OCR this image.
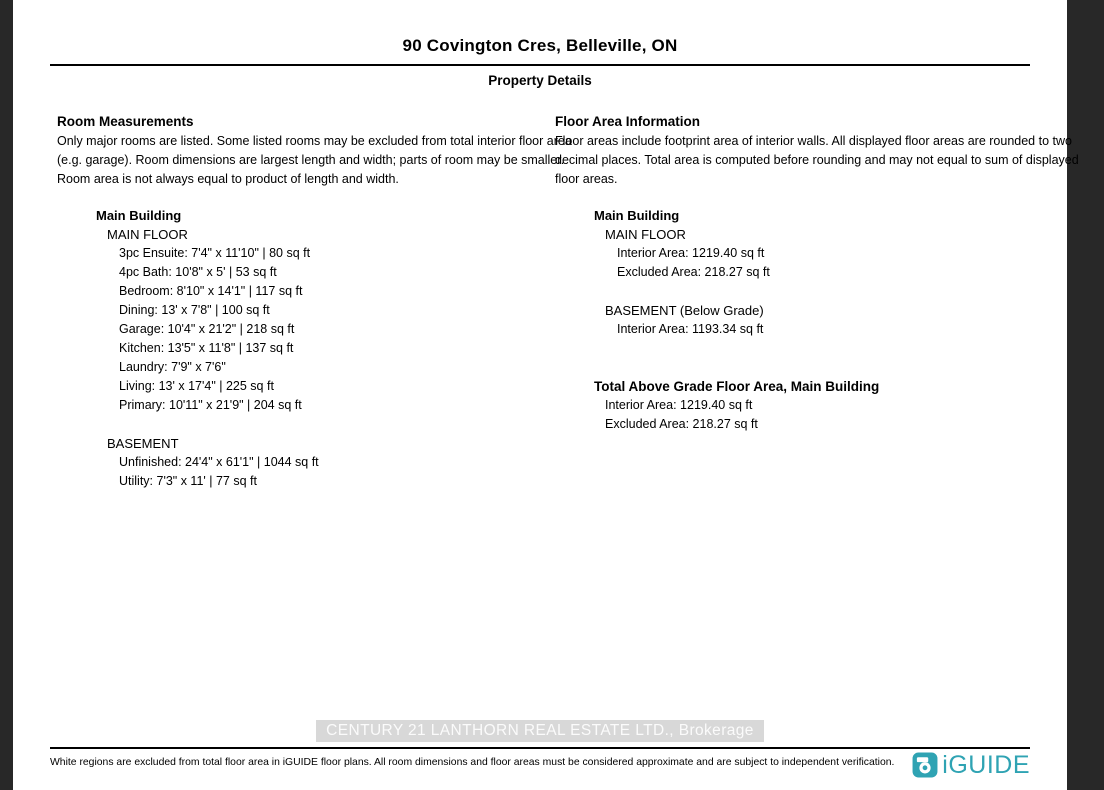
90 Covington Cres, Belleville, ON
Property Details
Room Measurements
Only major rooms are listed. Some listed rooms may be excluded from total interior floor area
(e.g. garage). Room dimensions are largest length and width; parts of room may be smaller.
Room area is not always equal to product of length and width.
Main Building
MAIN FLOOR
3pc Ensuite: 7'4" x 11'10" | 80 sq ft
4pc Bath: 10'8" x 5' | 53 sq ft
Bedroom: 8'10" x 14'1" | 117 sq ft
Dining: 13' x 7'8" | 100 sq ft
Garage: 10'4" x 21'2" | 218 sq ft
Kitchen: 13'5" x 11'8" | 137 sq ft
Laundry: 7'9" x 7'6"
Living: 13' x 17'4" | 225 sq ft
Primary: 10'11" x 21'9" | 204 sq ft
BASEMENT
Unfinished: 24'4" x 61'1" | 1044 sq ft
Utility: 7'3" x 11' | 77 sq ft
Floor Area Information
Floor areas include footprint area of interior walls. All displayed floor areas are rounded to two
decimal places. Total area is computed before rounding and may not equal to sum of displayed
floor areas.
Main Building
MAIN FLOOR
Interior Area: 1219.40 sq ft
Excluded Area: 218.27 sq ft
BASEMENT (Below Grade)
Interior Area: 1193.34 sq ft
Total Above Grade Floor Area, Main Building
Interior Area: 1219.40 sq ft
Excluded Area: 218.27 sq ft
CENTURY 21 LANTHORN REAL ESTATE LTD., Brokerage
White regions are excluded from total floor area in iGUIDE floor plans. All room dimensions and floor areas must be considered approximate and are subject to independent verification. iGUIDE
